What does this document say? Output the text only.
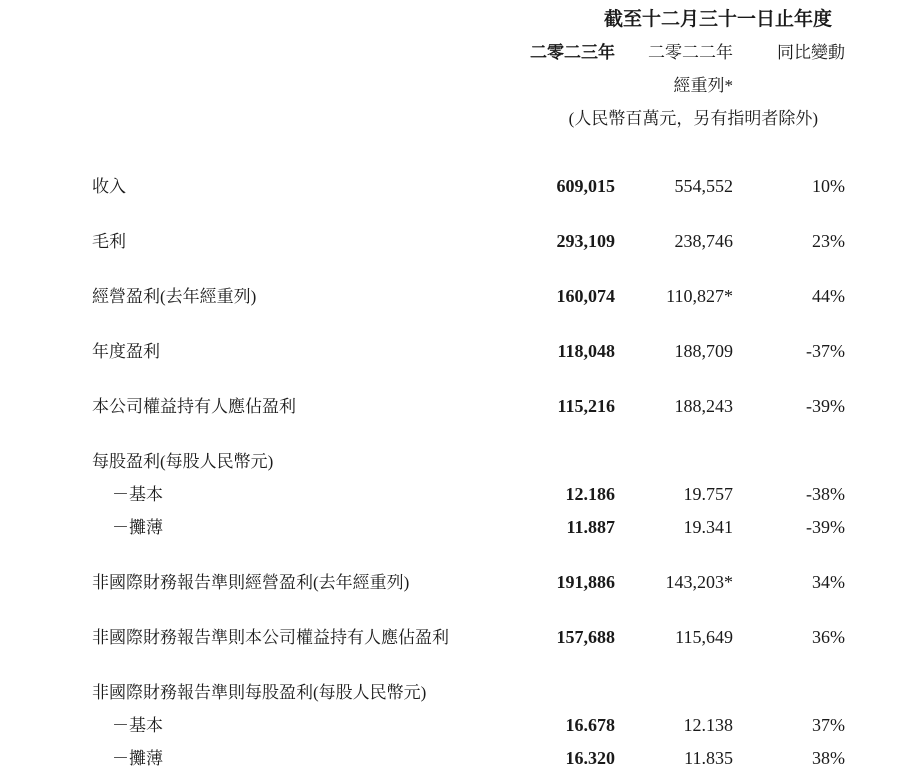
截至十二月三十一日止年度
二零二三年	二零二二年	同比變動
經重列*
(人民幣百萬元，另有指明者除外)
收入	609,015	554,552	10%
毛利	293,109	238,746	23%
經營盈利(去年經重列)	160,074	110,827*	44%
年度盈利	118,048	188,709	-37%
本公司權益持有人應佔盈利	115,216	188,243	-39%
每股盈利(每股人民幣元)
－基本	12.186	19.757	-38%
－攤薄	11.887	19.341	-39%
非國際財務報告準則經營盈利(去年經重列)	191,886	143,203*	34%
非國際財務報告準則本公司權益持有人應佔盈利	157,688	115,649	36%
非國際財務報告準則每股盈利(每股人民幣元)
－基本	16.678	12.138	37%
－攤薄	16.320	11.835	38%
